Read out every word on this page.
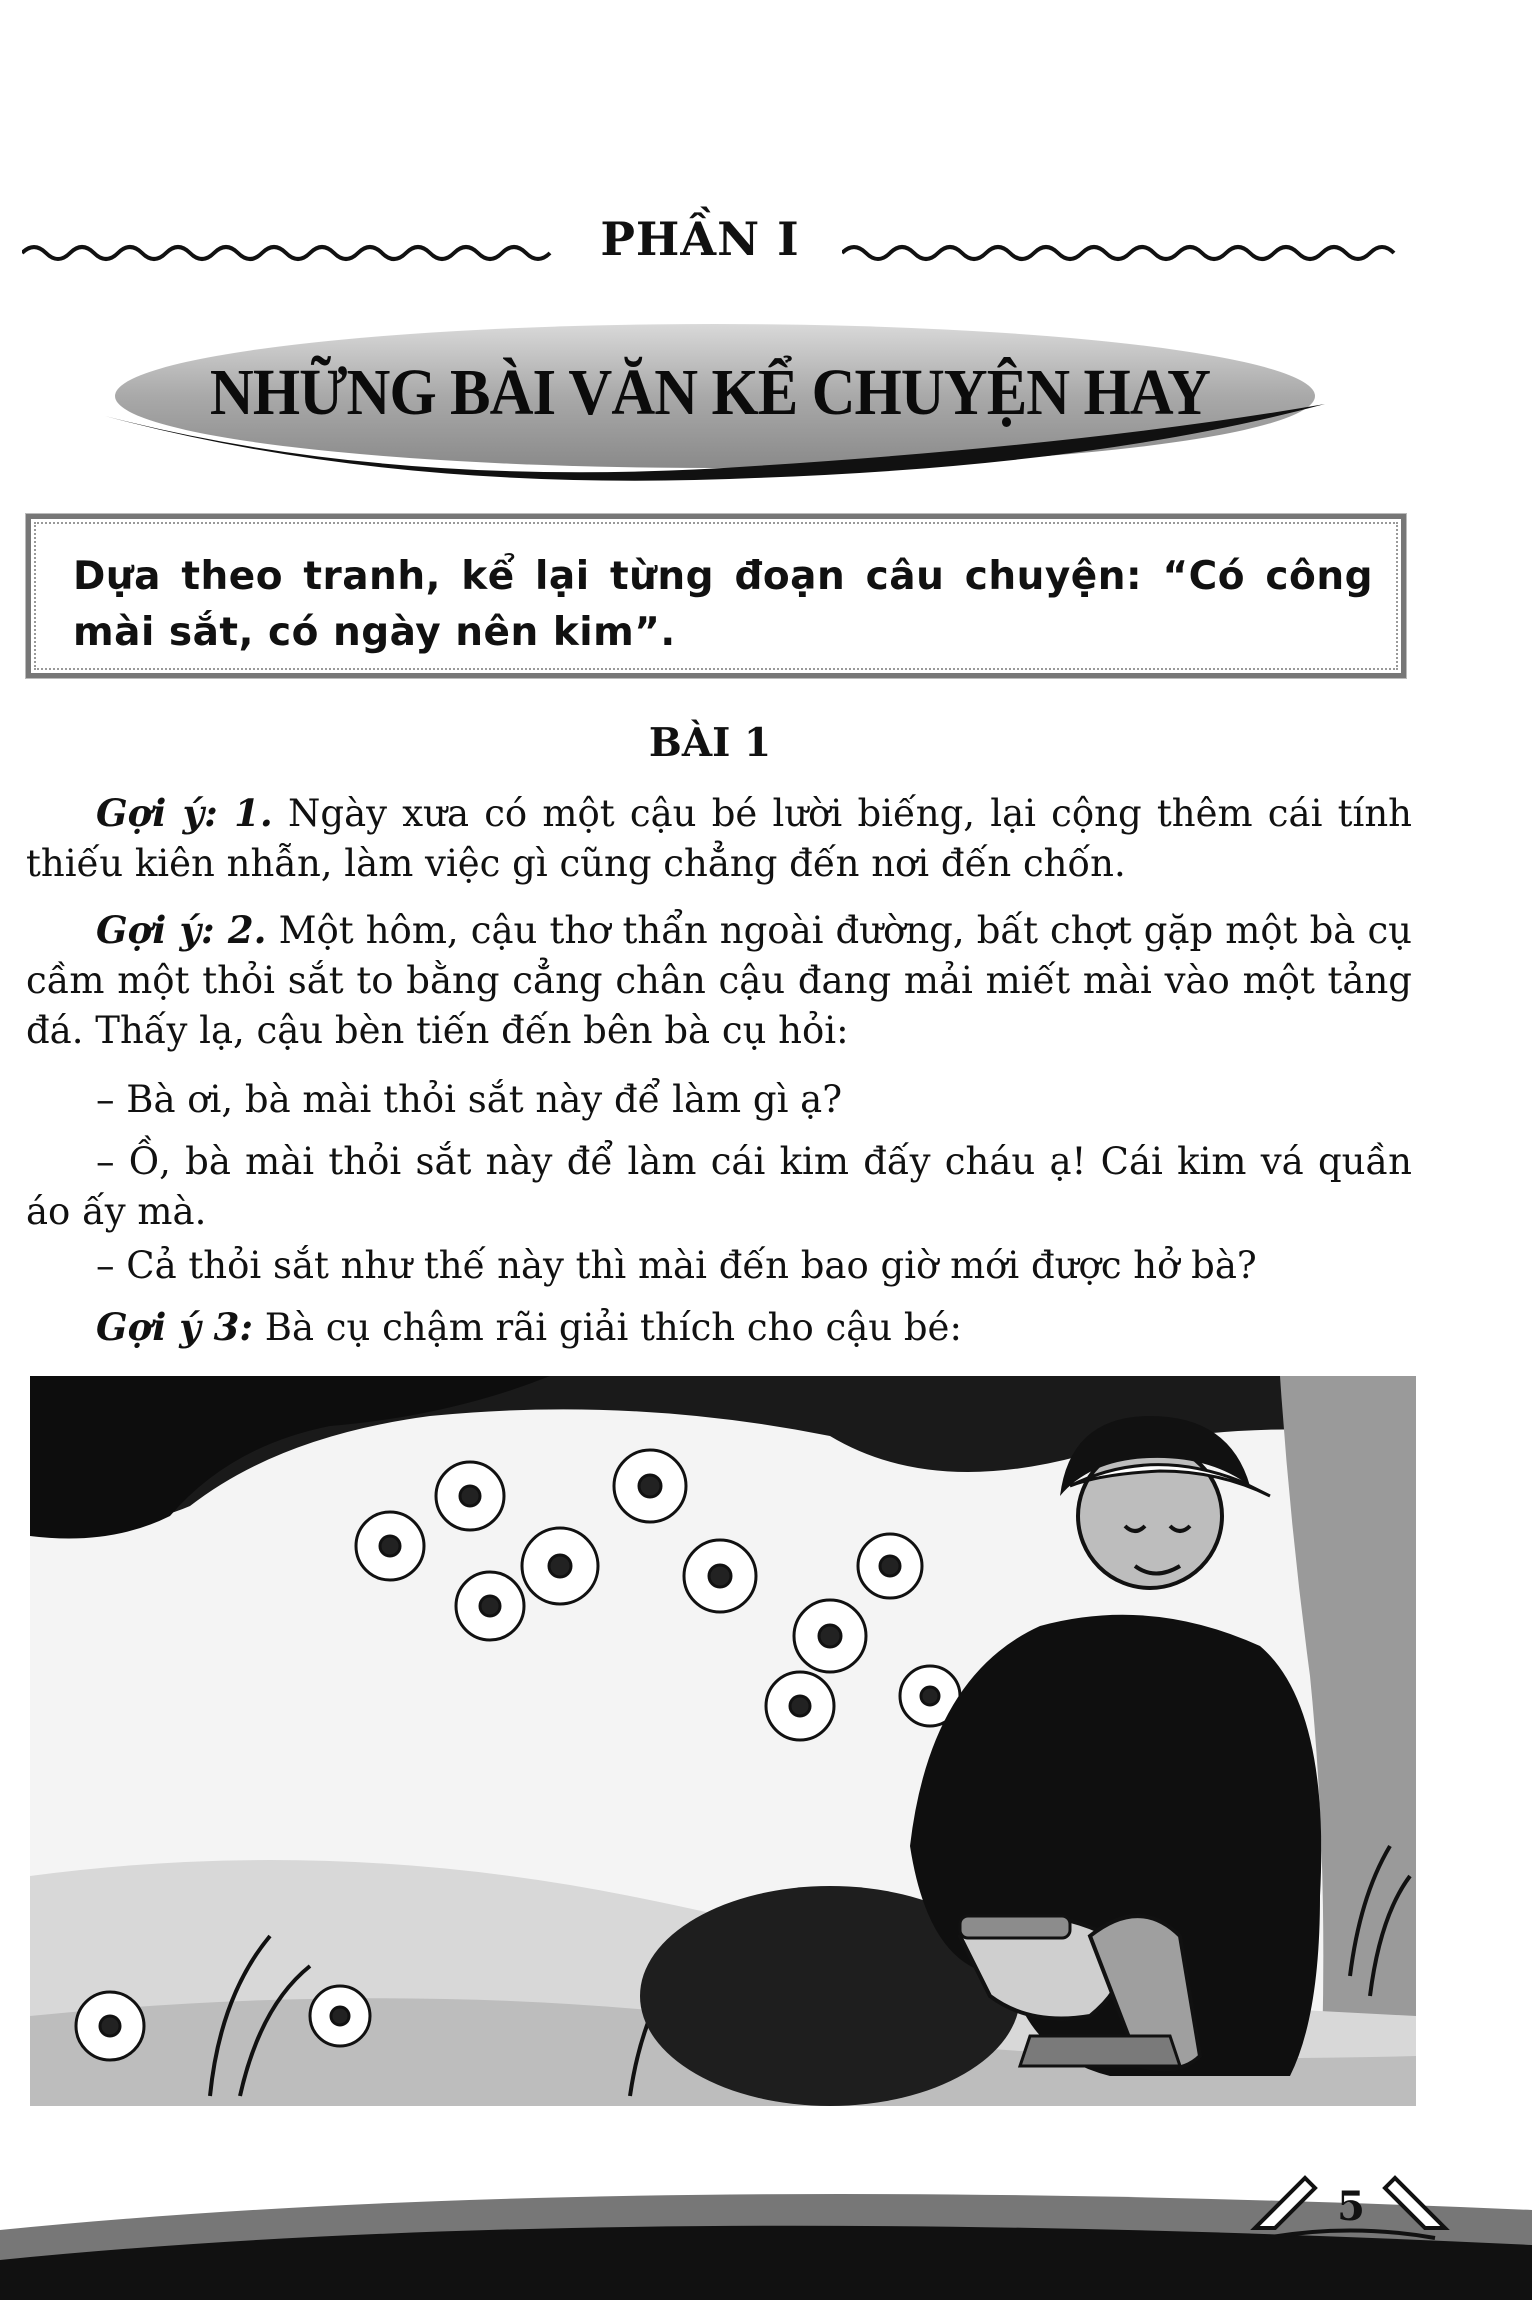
PHẦN I
NHỮNG BÀI VĂN KỂ CHUYỆN HAY
Dựa theo tranh, kể lại từng đoạn câu chuyện: “Có công mài sắt, có ngày nên kim”.
BÀI 1
Gợi ý: 1. Ngày xưa có một cậu bé lười biếng, lại cộng thêm cái tính thiếu kiên nhẫn, làm việc gì cũng chẳng đến nơi đến chốn.
Gợi ý: 2. Một hôm, cậu thơ thẩn ngoài đường, bất chợt gặp một bà cụ cầm một thỏi sắt to bằng cẳng chân cậu đang mải miết mài vào một tảng đá. Thấy lạ, cậu bèn tiến đến bên bà cụ hỏi:
– Bà ơi, bà mài thỏi sắt này để làm gì ạ?
– Ồ, bà mài thỏi sắt này để làm cái kim đấy cháu ạ! Cái kim vá quần áo ấy mà.
– Cả thỏi sắt như thế này thì mài đến bao giờ mới được hở bà?
Gợi ý 3: Bà cụ chậm rãi giải thích cho cậu bé:
5
